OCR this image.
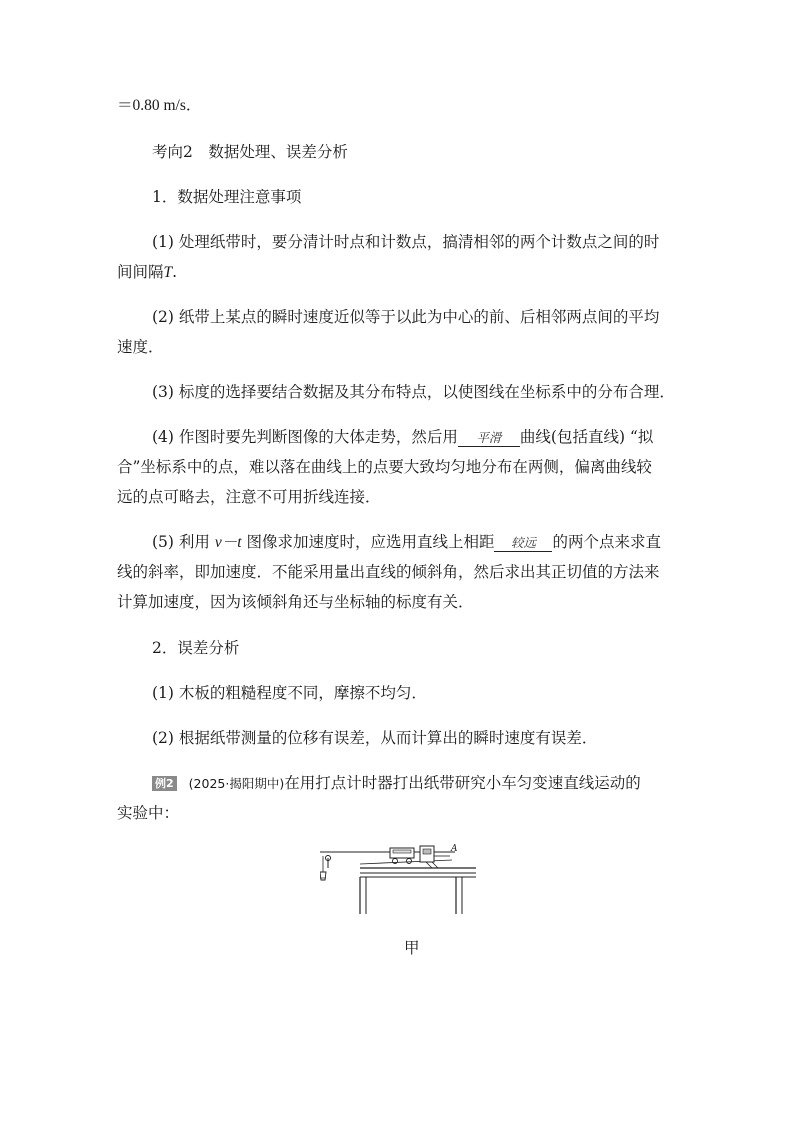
＝0.80 m/s．
考向2　数据处理、误差分析
1．数据处理注意事项
(1) 处理纸带时，要分清计时点和计数点，搞清相邻的两个计数点之间的时
间间隔T.
(2) 纸带上某点的瞬时速度近似等于以此为中心的前、后相邻两点间的平均
速度．
(3) 标度的选择要结合数据及其分布特点，以使图线在坐标系中的分布合理．
(4) 作图时要先判断图像的大体走势，然后用 平滑 曲线(包括直线) “拟
合”坐标系中的点，难以落在曲线上的点要大致均匀地分布在两侧，偏离曲线较
远的点可略去，注意不可用折线连接．
(5) 利用 v－t 图像求加速度时，应选用直线上相距 较远 的两个点来求直
线的斜率，即加速度．不能采用量出直线的倾斜角，然后求出其正切值的方法来
计算加速度，因为该倾斜角还与坐标轴的标度有关．
2．误差分析
(1) 木板的粗糙程度不同，摩擦不均匀．
(2) 根据纸带测量的位移有误差，从而计算出的瞬时速度有误差．
例2 (2025·揭阳期中)在用打点计时器打出纸带研究小车匀变速直线运动的
实验中：
A
甲
